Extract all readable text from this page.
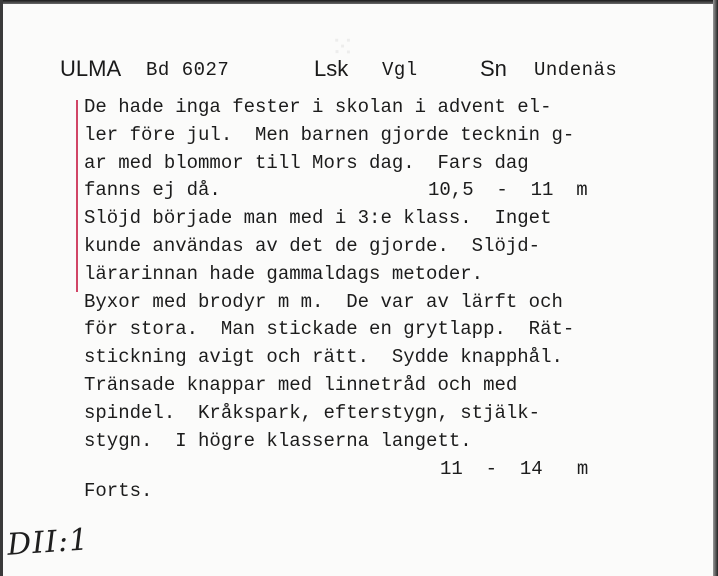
⁙
ULMA Bd 6027	Lsk Vgl	Sn Undenäs
De hade inga fester i skolan i advent el-
ler före jul.  Men barnen gjorde tecknin g-
ar med blommor till Mors dag.  Fars dag
fanns ej då.	10,5  -  11  m
Slöjd började man med i 3:e klass.  Inget
kunde användas av det de gjorde.  Slöjd-
lärarinnan hade gammaldags metoder.
Byxor med brodyr m m.  De var av lärft och
för stora.  Man stickade en grytlapp.  Rät-
stickning avigt och rätt.  Sydde knapphål.
Tränsade knappar med linnetråd och med
spindel.  Kråkspark, efterstygn, stjälk-
stygn.  I högre klasserna langett.
11  -  14   m
Forts.
DII:1
